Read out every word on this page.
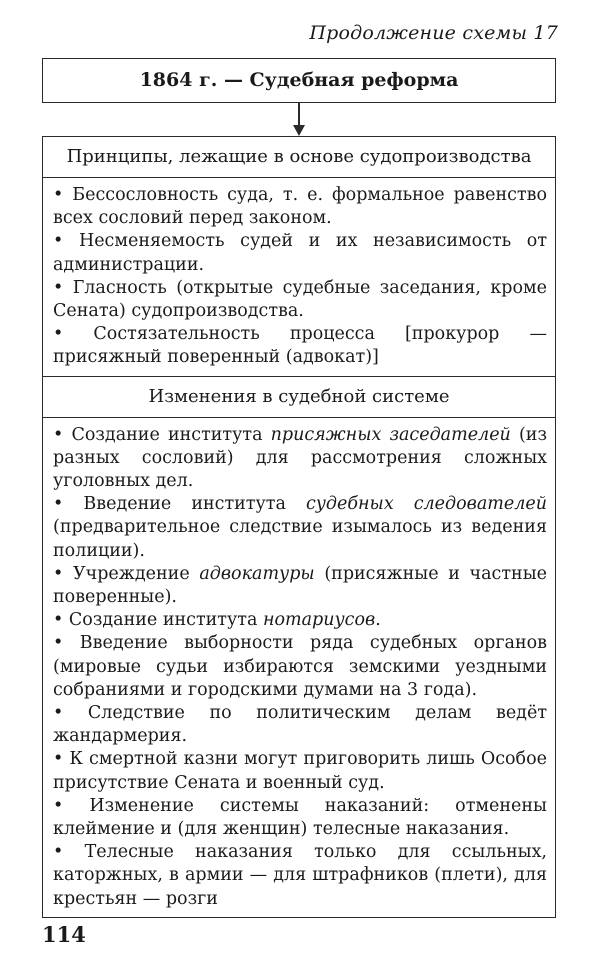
Продолжение схемы 17
1864 г. — Судебная реформа
Принципы, лежащие в основе судопроизводства

• Бессословность суда, т. е. формальное равенство всех сословий перед законом.

• Несменяемость судей и их независимость от администрации.

• Гласность (открытые судебные заседания, кроме Сената) судопроизводства.

• Состязательность процесса [прокурор — присяжный поверенный (адвокат)]

Изменения в судебной системе

• Создание института присяжных заседателей (из разных сословий) для рассмотрения сложных уголовных дел.

• Введение института судебных следователей (предварительное следствие изымалось из ведения полиции).

• Учреждение адвокатуры (присяжные и частные поверенные).

• Создание института нотариусов.

• Введение выборности ряда судебных органов (мировые судьи избираются земскими уездными собраниями и городскими думами на 3 года).

• Следствие по политическим делам ведёт жандармерия.

• К смертной казни могут приговорить лишь Особое присутствие Сената и военный суд.

• Изменение системы наказаний: отменены клеймение и (для женщин) телесные наказания.

• Телесные наказания только для ссыльных, каторжных, в армии — для штрафников (плети), для крестьян — розги

114
